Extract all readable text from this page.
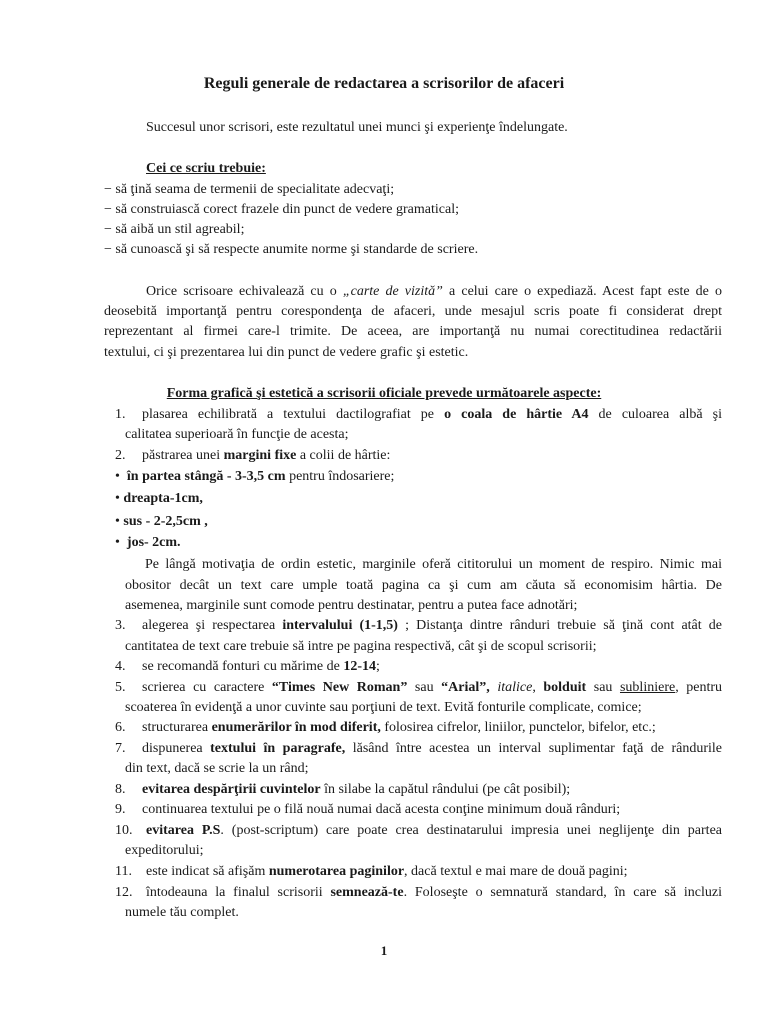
Reguli generale de redactarea a scrisorilor de afaceri
Succesul unor scrisori, este rezultatul unei munci şi experienţe îndelungate.
Cei ce scriu trebuie:
− să ţină seama de termenii de specialitate adecvaţi;
− să construiască corect frazele din punct de vedere gramatical;
− să aibă un stil agreabil;
− să cunoască şi să respecte anumite norme şi standarde de scriere.
Orice scrisoare echivalează cu o „carte de vizită” a celui care o expediază. Acest fapt este de o
deosebită importanţă pentru corespondenţa de afaceri, unde mesajul scris poate fi considerat drept
reprezentant al firmei care-l trimite. De aceea, are importanţă nu numai corectitudinea redactării
textului, ci şi prezentarea lui din punct de vedere grafic şi estetic.
Forma grafică şi estetică a scrisorii oficiale prevede următoarele aspecte:
1. plasarea echilibrată a textului dactilografiat pe o coala de hârtie A4 de culoarea albă şi
calitatea superioară în funcţie de acesta;
2. păstrarea unei margini fixe a colii de hârtie:
• în partea stângă - 3-3,5 cm pentru îndosariere;
• dreapta-1cm,
• sus - 2-2,5cm ,
• jos- 2cm.
Pe lângă motivaţia de ordin estetic, marginile oferă cititorului un moment de respiro. Nimic mai
obositor decât un text care umple toată pagina ca şi cum am căuta să economisim hârtia. De
asemenea, marginile sunt comode pentru destinatar, pentru a putea face adnotări;
3. alegerea şi respectarea intervalului (1-1,5) ; Distanţa dintre rânduri trebuie să ţină cont atât de
cantitatea de text care trebuie să intre pe pagina respectivă, cât şi de scopul scrisorii;
4. se recomandă fonturi cu mărime de 12-14;
5. scrierea cu caractere “Times New Roman” sau “Arial”, italice, bolduit sau subliniere, pentru
scoaterea în evidenţă a unor cuvinte sau porţiuni de text. Evită fonturile complicate, comice;
6. structurarea enumerărilor în mod diferit, folosirea cifrelor, liniilor, punctelor, bifelor, etc.;
7. dispunerea textului în paragrafe, lăsând între acestea un interval suplimentar faţă de rândurile
din text, dacă se scrie la un rând;
8. evitarea despărţirii cuvintelor în silabe la capătul rândului (pe cât posibil);
9. continuarea textului pe o filă nouă numai dacă acesta conţine minimum două rânduri;
10. evitarea P.S. (post-scriptum) care poate crea destinatarului impresia unei neglijenţe din partea
expeditorului;
11. este indicat să afişăm numerotarea paginilor, dacă textul e mai mare de două pagini;
12. întodeauna la finalul scrisorii semnează-te. Foloseşte o semnatură standard, în care să incluzi
numele tău complet.
1
